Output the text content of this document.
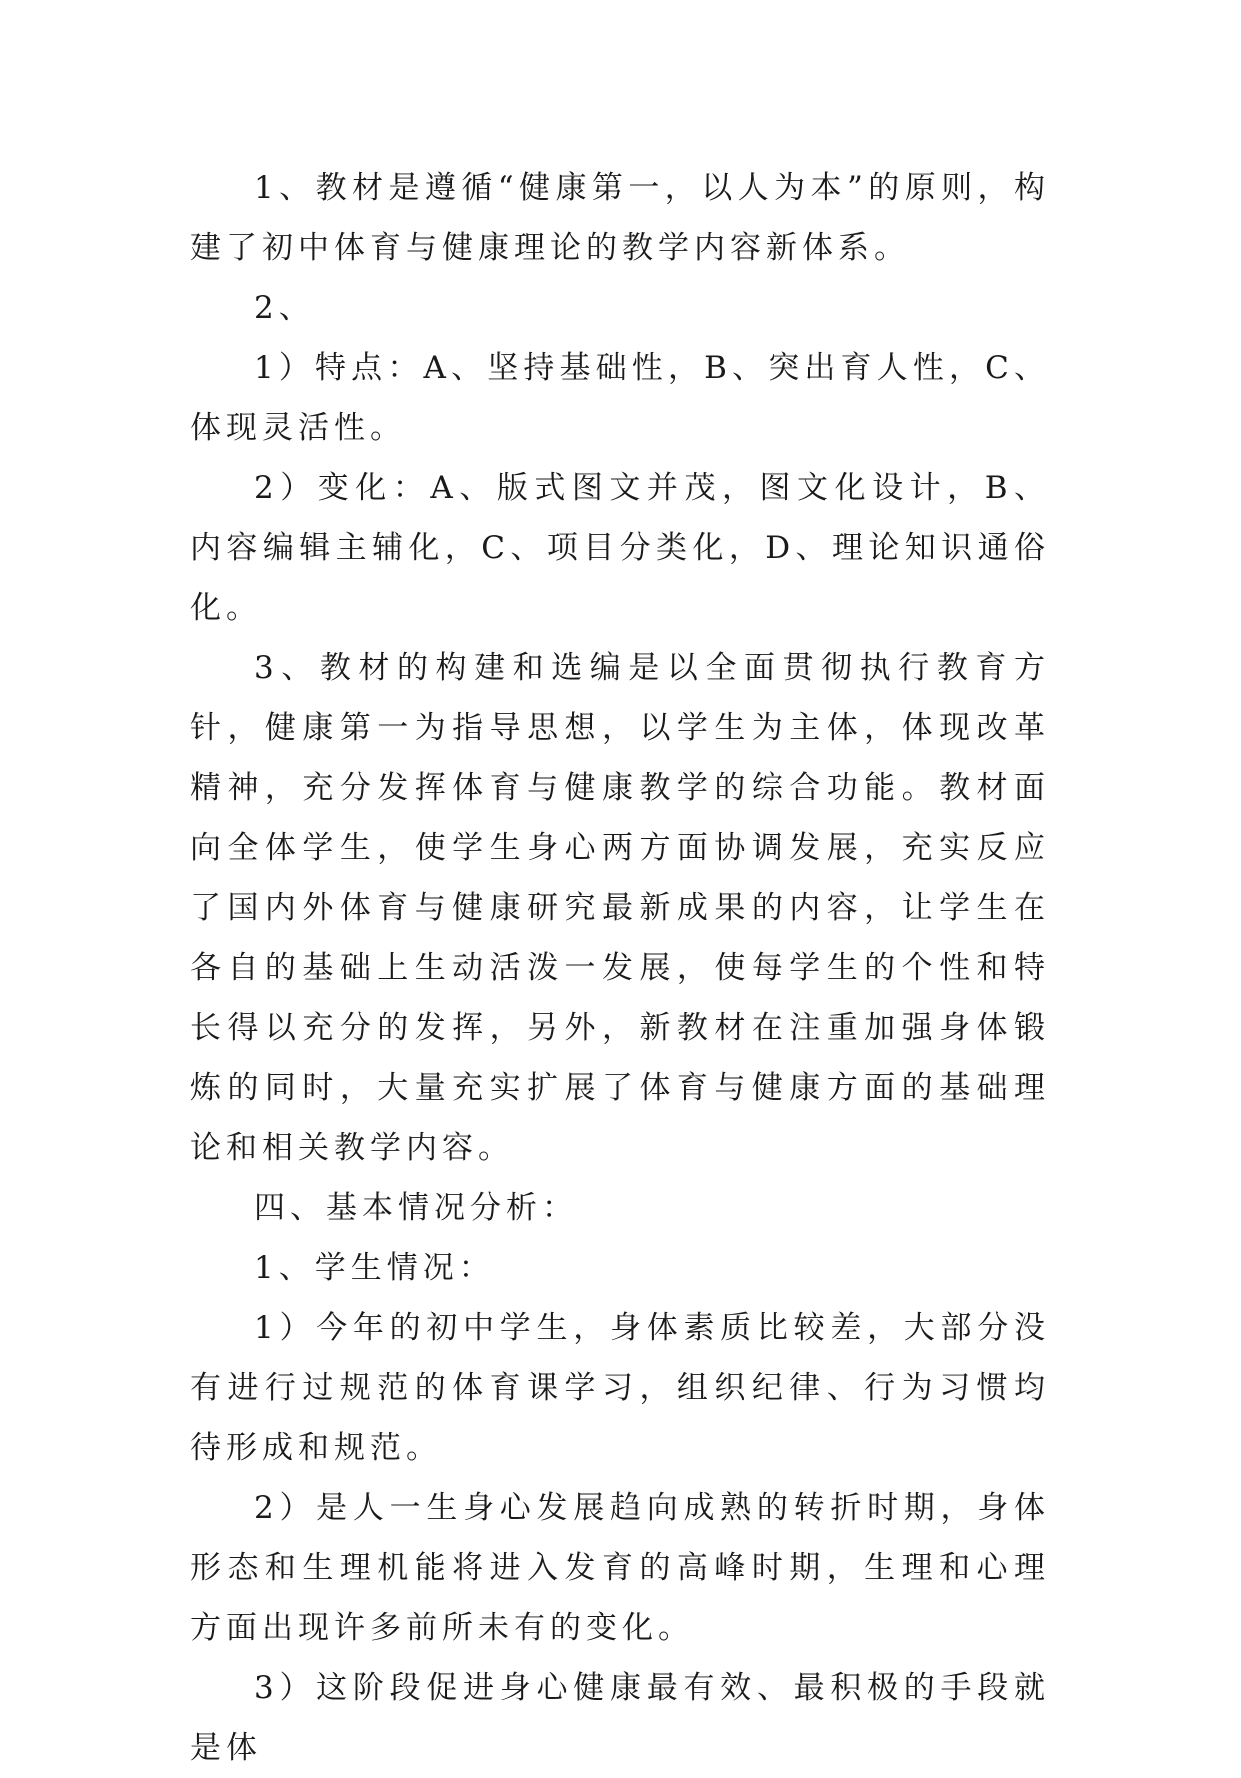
1、教材是遵循“健康第一，以人为本”的原则，构建了初中体育与健康理论的教学内容新体系。

2、

1）特点：A、坚持基础性，B、突出育人性，C、体现灵活性。

2）变化：A、版式图文并茂，图文化设计，B、内容编辑主辅化，C、项目分类化，D、理论知识通俗化。

3、教材的构建和选编是以全面贯彻执行教育方针，健康第一为指导思想，以学生为主体，体现改革精神，充分发挥体育与健康教学的综合功能。教材面向全体学生，使学生身心两方面协调发展，充实反应了国内外体育与健康研究最新成果的内容，让学生在各自的基础上生动活泼一发展，使每学生的个性和特长得以充分的发挥，另外，新教材在注重加强身体锻炼的同时，大量充实扩展了体育与健康方面的基础理论和相关教学内容。

四、基本情况分析：

1、学生情况：

1）今年的初中学生，身体素质比较差，大部分没有进行过规范的体育课学习，组织纪律、行为习惯均待形成和规范。

2）是人一生身心发展趋向成熟的转折时期，身体形态和生理机能将进入发育的高峰时期，生理和心理方面出现许多前所未有的变化。

3）这阶段促进身心健康最有效、最积极的手段就是体
